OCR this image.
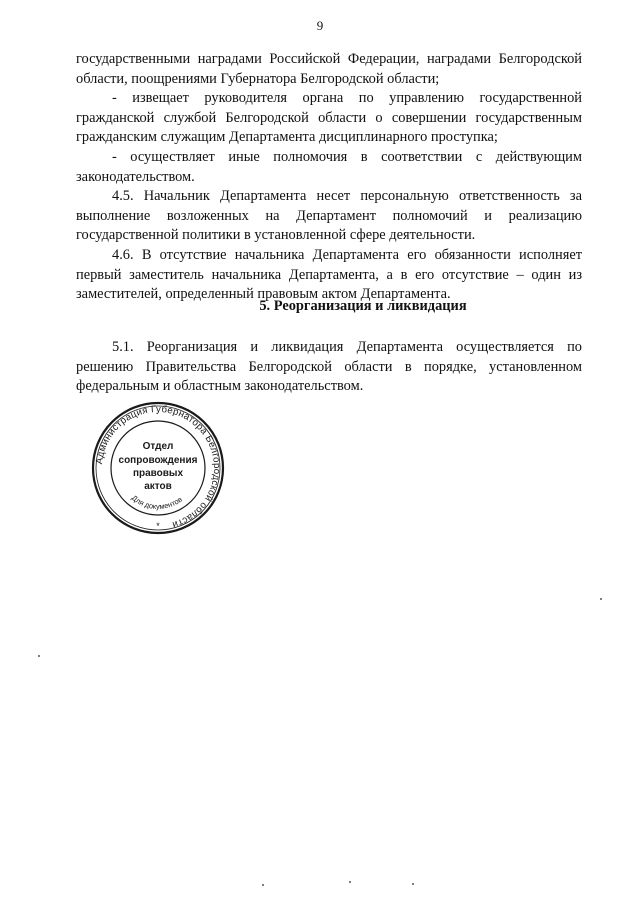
9

государственными наградами Российской Федерации, наградами Белгородской области, поощрениями Губернатора Белгородской области;

- извещает руководителя органа по управлению государственной гражданской службой Белгородской области о совершении государственным гражданским служащим Департамента дисциплинарного проступка;

- осуществляет иные полномочия в соответствии с действующим законодательством.

4.5. Начальник Департамента несет персональную ответственность за выполнение возложенных на Департамент полномочий и реализацию государственной политики в установленной сфере деятельности.

4.6. В отсутствие начальника Департамента его обязанности исполняет первый заместитель начальника Департамента, а в его отсутствие – один из заместителей, определенный правовым актом Департамента.

5. Реорганизация и ликвидация

5.1. Реорганизация и ликвидация Департамента осуществляется по решению Правительства Белгородской области в порядке, установленном федеральным и областным законодательством.

Администрация Губернатора Белгородской области
Для документов
Отдел
сопровождения
правовых
актов
*
